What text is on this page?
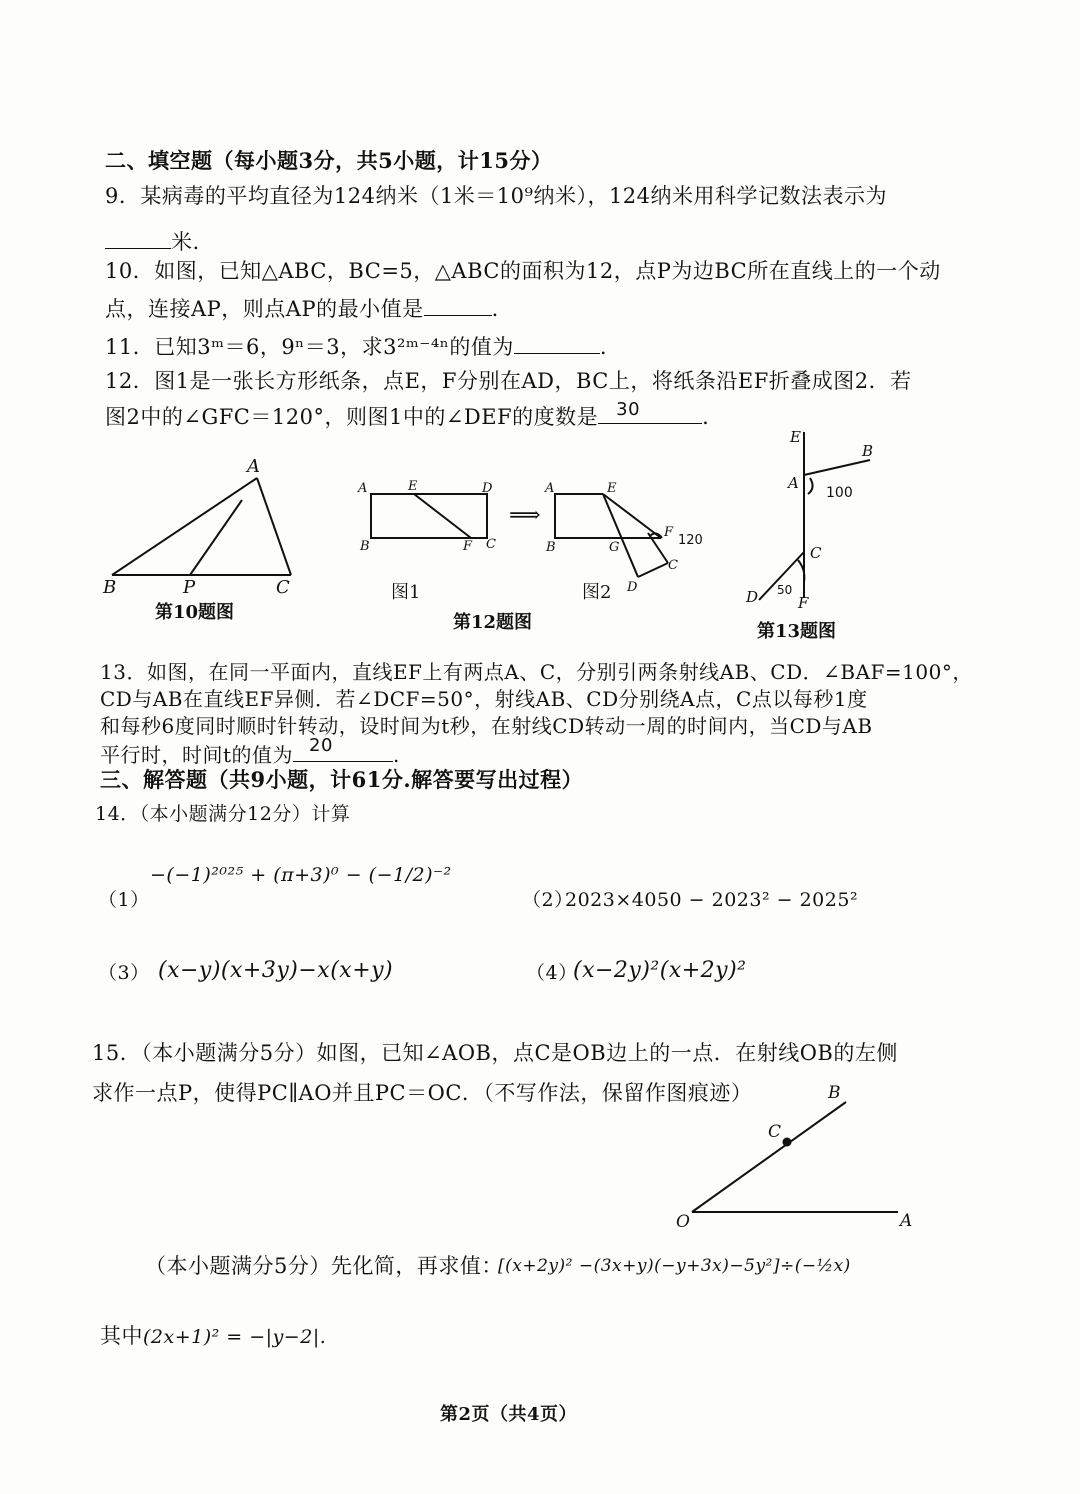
二、填空题（每小题3分，共5小题，计15分）
9．某病毒的平均直径为124纳米（1米＝10⁹纳米），124纳米用科学记数法表示为
米.
10．如图，已知△ABC，BC=5，△ABC的面积为12，点P为边BC所在直线上的一个动
点，连接AP，则点AP的最小值是	.
11．已知3ᵐ＝6，9ⁿ＝3，求3²ᵐ⁻⁴ⁿ的值为	.
12．图1是一张长方形纸条，点E，F分别在AD，BC上，将纸条沿EF折叠成图2．若
图2中的∠GFC＝120°，则图1中的∠DEF的度数是 30	.
A
B	P	C
第10题图
A	E	D
B	F C
图1
⟹
A	E
B	G
F
120
C
D
图2
第12题图
E
B
A
100
C
D 50
F
第13题图
13．如图，在同一平面内，直线EF上有两点A、C，分别引两条射线AB、CD．∠BAF=100°，
CD与AB在直线EF异侧．若∠DCF=50°，射线AB、CD分别绕A点，C点以每秒1度
和每秒6度同时顺时针转动，设时间为t秒，在射线CD转动一周的时间内，当CD与AB
平行时，时间t的值为 20	.
三、解答题（共9小题，计61分.解答要写出过程）
14．（本小题满分12分）计算
（1）
−(−1)²⁰²⁵ + (π+3)⁰ − (−1/2)⁻²
（2）
2023×4050 − 2023² − 2025²
（3） (x−y)(x+3y)−x(x+y)	（4）
(x−2y)²(x+2y)²
15．（本小题满分5分）如图，已知∠AOB，点C是OB边上的一点．在射线OB的左侧
求作一点P，使得PC∥AO并且PC＝OC．（不写作法，保留作图痕迹）
O	A
B
C
（本小题满分5分）先化简，再求值：
[(x+2y)² −(3x+y)(−y+3x)−5y²]÷(−½x)
其中(2x+1)² = −|y−2|.
第2页（共4页）
